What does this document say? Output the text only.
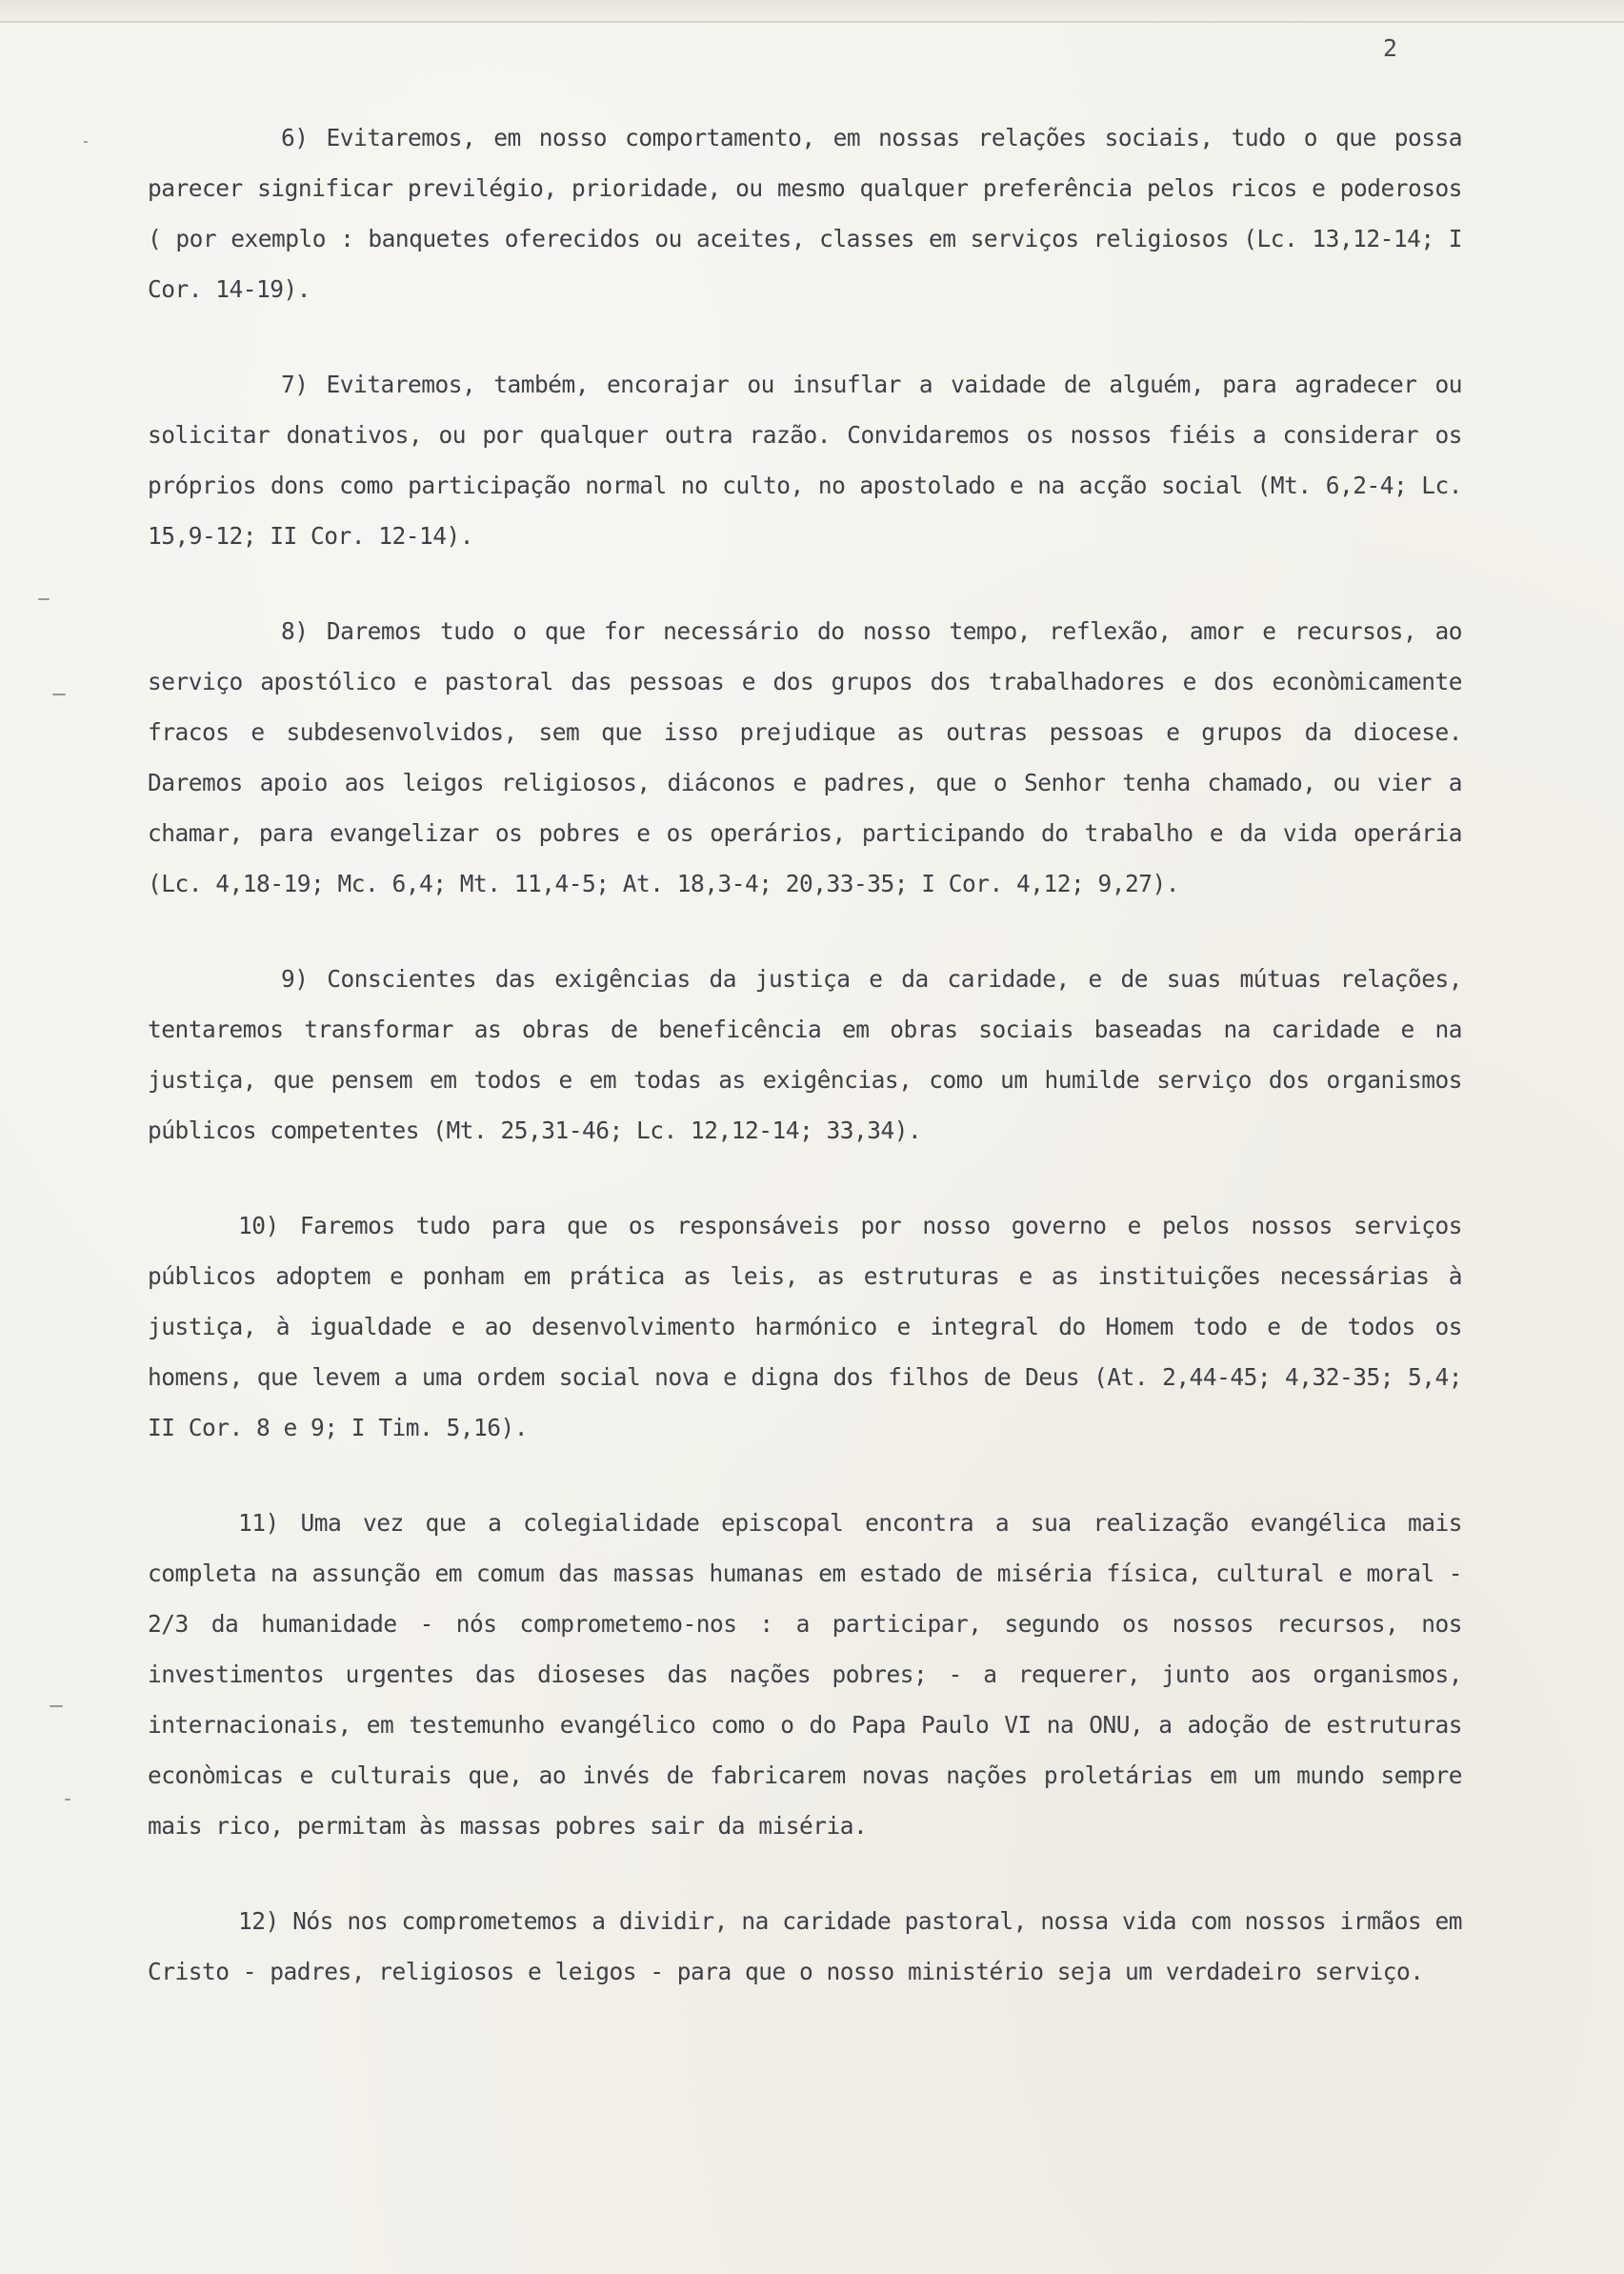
2

6) Evitaremos, em nosso comportamento, em nossas relações sociais, tudo o que possa parecer significar previlégio, prioridade, ou mesmo qualquer preferência pelos ricos e poderosos ( por exemplo : banquetes oferecidos ou aceites, classes em serviços religiosos (Lc. 13,12-14; I Cor. 14-19).

7) Evitaremos, também, encorajar ou insuflar a vaidade de alguém, para agradecer ou solicitar donativos, ou por qualquer outra razão. Convidaremos os nossos fiéis a considerar os próprios dons como participação normal no culto, no apostolado e na acção social (Mt. 6,2-4; Lc. 15,9-12; II Cor. 12-14).

8) Daremos tudo o que for necessário do nosso tempo, reflexão, amor e recursos, ao serviço apostólico e pastoral das pessoas e dos grupos dos trabalhadores e dos econòmicamente fracos e subdesenvolvidos, sem que isso prejudique as outras pessoas e grupos da diocese. Daremos apoio aos leigos religiosos, diáconos e padres, que o Senhor tenha chamado, ou vier a chamar, para evangelizar os pobres e os operários, participando do trabalho e da vida operária (Lc. 4,18-19; Mc. 6,4; Mt. 11,4-5; At. 18,3-4; 20,33-35; I Cor. 4,12; 9,27).

9) Conscientes das exigências da justiça e da caridade, e de suas mútuas relações, tentaremos transformar as obras de beneficência em obras sociais baseadas na caridade e na justiça, que pensem em todos e em todas as exigências, como um humilde serviço dos organismos públicos competentes (Mt. 25,31-46; Lc. 12,12-14; 33,34).

10) Faremos tudo para que os responsáveis por nosso governo e pelos nossos serviços públicos adoptem e ponham em prática as leis, as estruturas e as instituições necessárias à justiça, à igualdade e ao desenvolvimento harmónico e integral do Homem todo e de todos os homens, que levem a uma ordem social nova e digna dos filhos de Deus (At. 2,44-45; 4,32-35; 5,4; II Cor. 8 e 9; I Tim. 5,16).

11) Uma vez que a colegialidade episcopal encontra a sua realização evangélica mais completa na assunção em comum das massas humanas em estado de miséria física, cultural e moral - 2/3 da humanidade - nós comprometemo-nos : a participar, segundo os nossos recursos, nos investimentos urgentes das dioseses das nações pobres; - a requerer, junto aos organismos, internacionais, em testemunho evangélico como o do Papa Paulo VI na ONU, a adoção de estruturas econòmicas e culturais que, ao invés de fabricarem novas nações proletárias em um mundo sempre mais rico, permitam às massas pobres sair da miséria.

12) Nós nos comprometemos a dividir, na caridade pastoral, nossa vida com nossos irmãos em Cristo - padres, religiosos e leigos - para que o nosso ministério seja um verdadeiro serviço.
